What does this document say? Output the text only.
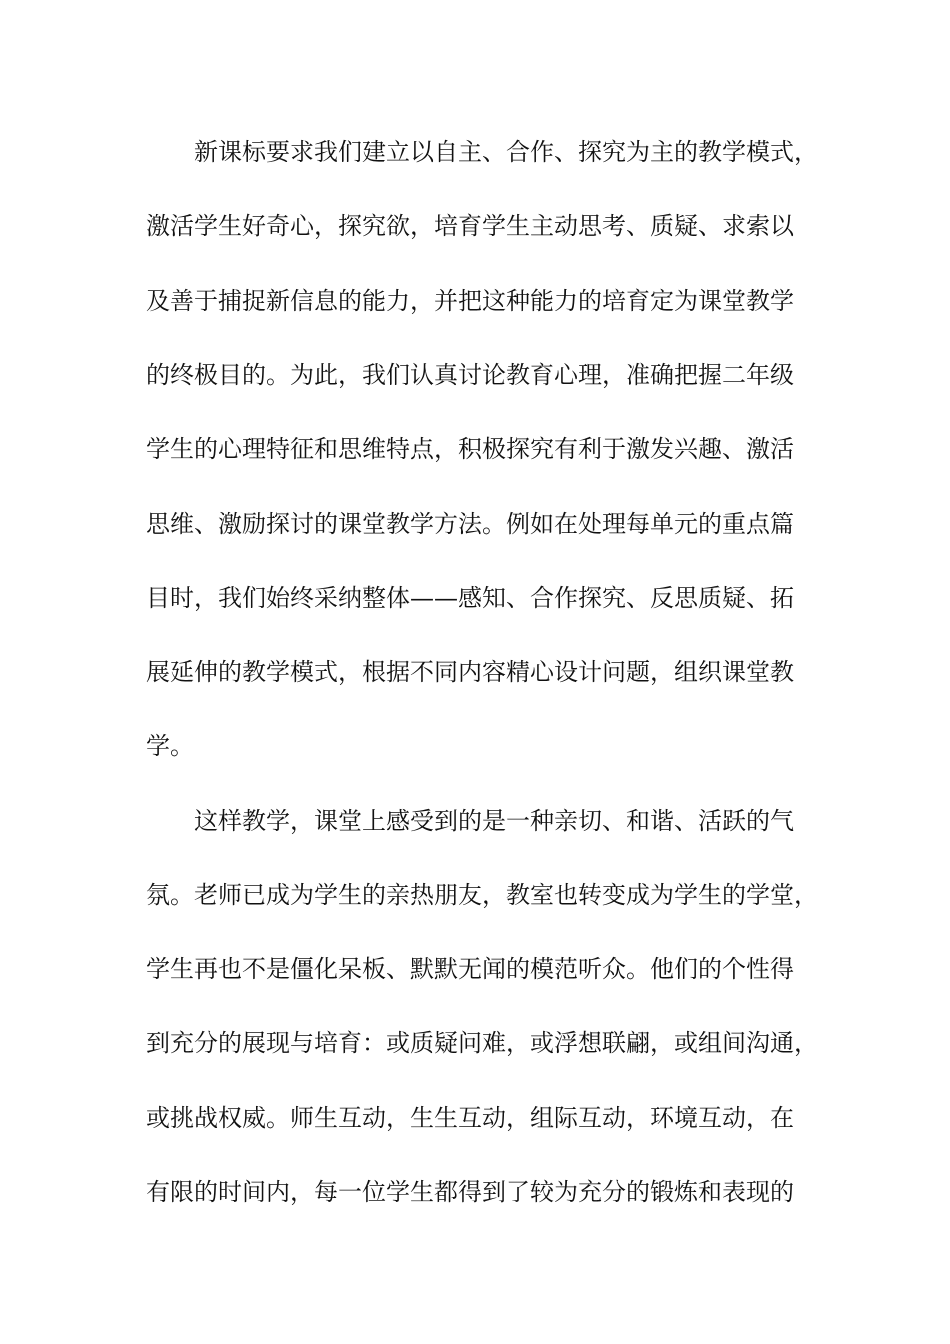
新课标要求我们建立以自主、合作、探究为主的教学模式，
激活学生好奇心，探究欲，培育学生主动思考、质疑、求索以
及善于捕捉新信息的能力，并把这种能力的培育定为课堂教学
的终极目的。为此，我们认真讨论教育心理，准确把握二年级
学生的心理特征和思维特点，积极探究有利于激发兴趣、激活
思维、激励探讨的课堂教学方法。例如在处理每单元的重点篇
目时，我们始终采纳整体——感知、合作探究、反思质疑、拓
展延伸的教学模式，根据不同内容精心设计问题，组织课堂教
学。
这样教学，课堂上感受到的是一种亲切、和谐、活跃的气
氛。老师已成为学生的亲热朋友，教室也转变成为学生的学堂，
学生再也不是僵化呆板、默默无闻的模范听众。他们的个性得
到充分的展现与培育：或质疑问难，或浮想联翩，或组间沟通，
或挑战权威。师生互动，生生互动，组际互动，环境互动，在
有限的时间内，每一位学生都得到了较为充分的锻炼和表现的
